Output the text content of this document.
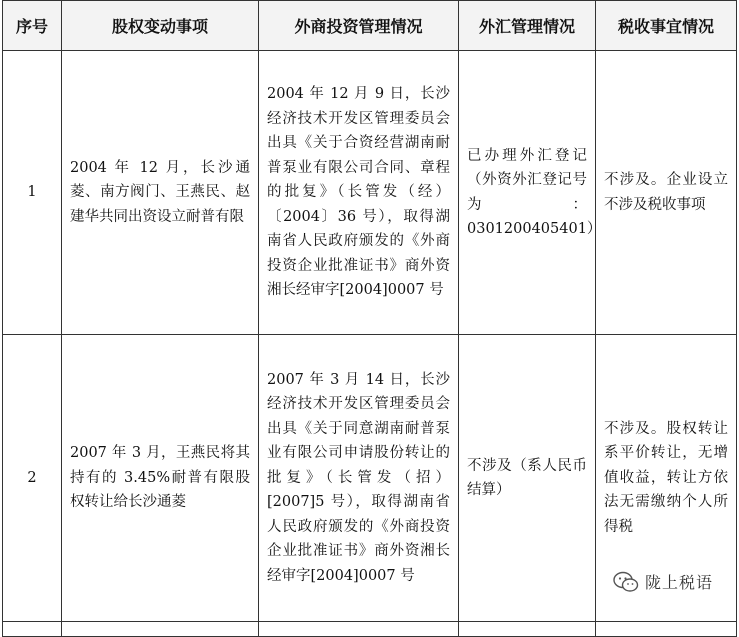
序号	股权变动事项	外商投资管理情况	外汇管理情况	税收事宜情况
1	2004 年 12 月，长沙通菱、南方阀门、王燕民、赵建华共同出资设立耐普有限	2004 年 12 月 9 日，长沙经济技术开发区管理委员会出具《关于合资经营湖南耐普泵业有限公司合同、章程的批复》（长管发（经）〔2004〕36 号），取得湖南省人民政府颁发的《外商投资企业批准证书》商外资湘长经审字[2004]0007 号	已办理外汇登记（外资外汇登记号为：0301200405401）	不涉及。企业设立不涉及税收事项
2	2007 年 3 月，王燕民将其持有的 3.45%耐普有限股权转让给长沙通菱	2007 年 3 月 14 日，长沙经济技术开发区管理委员会出具《关于同意湖南耐普泵业有限公司申请股份转让的批复》（长管发（招）[2007]5 号），取得湖南省人民政府颁发的《外商投资企业批准证书》商外资湘长经审字[2004]0007 号	不涉及（系人民币结算）	不涉及。股权转让系平价转让，无增值收益，转让方依法无需缴纳个人所得税

陇上税语
